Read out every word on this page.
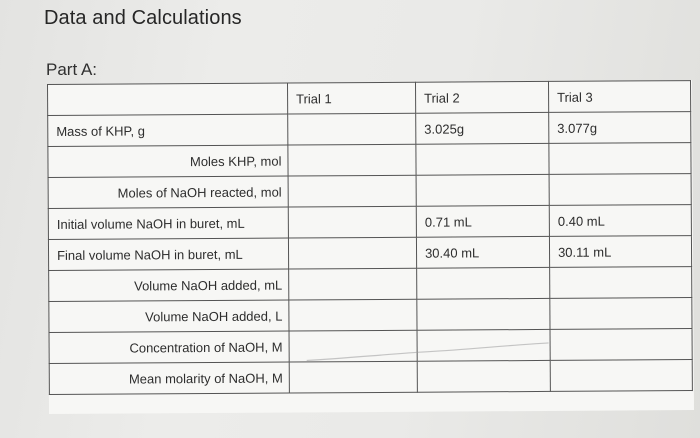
Data and Calculations
Part A:
	Trial 1	Trial 2	Trial 3
Mass of KHP, g		3.025g	3.077g
Moles KHP, mol			
Moles of NaOH reacted, mol			
Initial volume NaOH in buret, mL		0.71 mL	0.40 mL
Final volume NaOH in buret, mL		30.40 mL	30.11 mL
Volume NaOH added, mL			
Volume NaOH added, L			
Concentration of NaOH, M			
Mean molarity of NaOH, M			
